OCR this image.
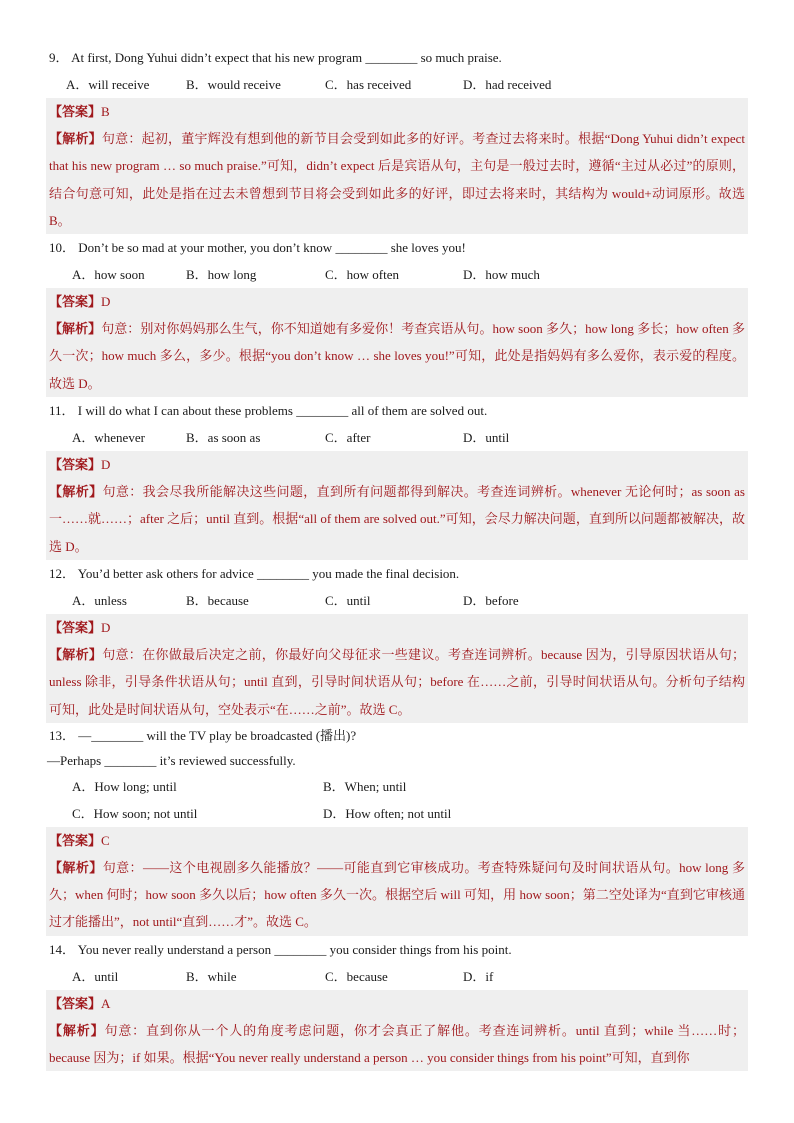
9． At first, Dong Yuhui didn’t expect that his new program ________ so much praise.
A．will receive	B．would receive	C．has received	D．had received
【答案】B
【解析】句意：起初，董宇辉没有想到他的新节目会受到如此多的好评。考查过去将来时。根据“Dong Yuhui didn’t expect that his new program … so much praise.”可知，didn’t expect 后是宾语从句，主句是一般过去时，遵循“主过从必过”的原则，结合句意可知，此处是指在过去未曾想到节目将会受到如此多的好评，即过去将来时，其结构为 would+动词原形。故选 B。
10． Don’t be so mad at your mother, you don’t know ________ she loves you!
A．how soon	B．how long	C．how often	D．how much
【答案】D
【解析】句意：别对你妈妈那么生气，你不知道她有多爱你！考查宾语从句。how soon 多久；how long 多长；how often 多久一次；how much 多么，多少。根据“you don’t know … she loves you!”可知，此处是指妈妈有多么爱你，表示爱的程度。故选 D。
11． I will do what I can about these problems ________ all of them are solved out.
A．whenever	B．as soon as	C．after	D．until
【答案】D
【解析】句意：我会尽我所能解决这些问题，直到所有问题都得到解决。考查连词辨析。whenever 无论何时；as soon as 一……就……；after 之后；until 直到。根据“all of them are solved out.”可知，会尽力解决问题，直到所以问题都被解决，故选 D。
12． You’d better ask others for advice ________ you made the final decision.
A．unless	B．because	C．until	D．before
【答案】D
【解析】句意：在你做最后决定之前，你最好向父母征求一些建议。考查连词辨析。because 因为，引导原因状语从句；unless 除非，引导条件状语从句；until 直到，引导时间状语从句；before 在……之前，引导时间状语从句。分析句子结构可知，此处是时间状语从句，空处表示“在……之前”。故选 C。
13． —________ will the TV play be broadcasted (播出)?
—Perhaps ________ it’s reviewed successfully.
A．How long; until	B．When; until
C．How soon; not until	D．How often; not until
【答案】C
【解析】句意：——这个电视剧多久能播放？——可能直到它审核成功。考查特殊疑问句及时间状语从句。how long 多久；when 何时；how soon 多久以后；how often 多久一次。根据空后 will 可知，用 how soon；第二空处译为“直到它审核通过才能播出”，not until“直到……才”。故选 C。
14． You never really understand a person ________ you consider things from his point.
A．until	B．while	C．because	D．if
【答案】A
【解析】句意：直到你从一个人的角度考虑问题，你才会真正了解他。考查连词辨析。until 直到；while 当……时；because 因为；if 如果。根据“You never really understand a person … you consider things from his point”可知，直到你
